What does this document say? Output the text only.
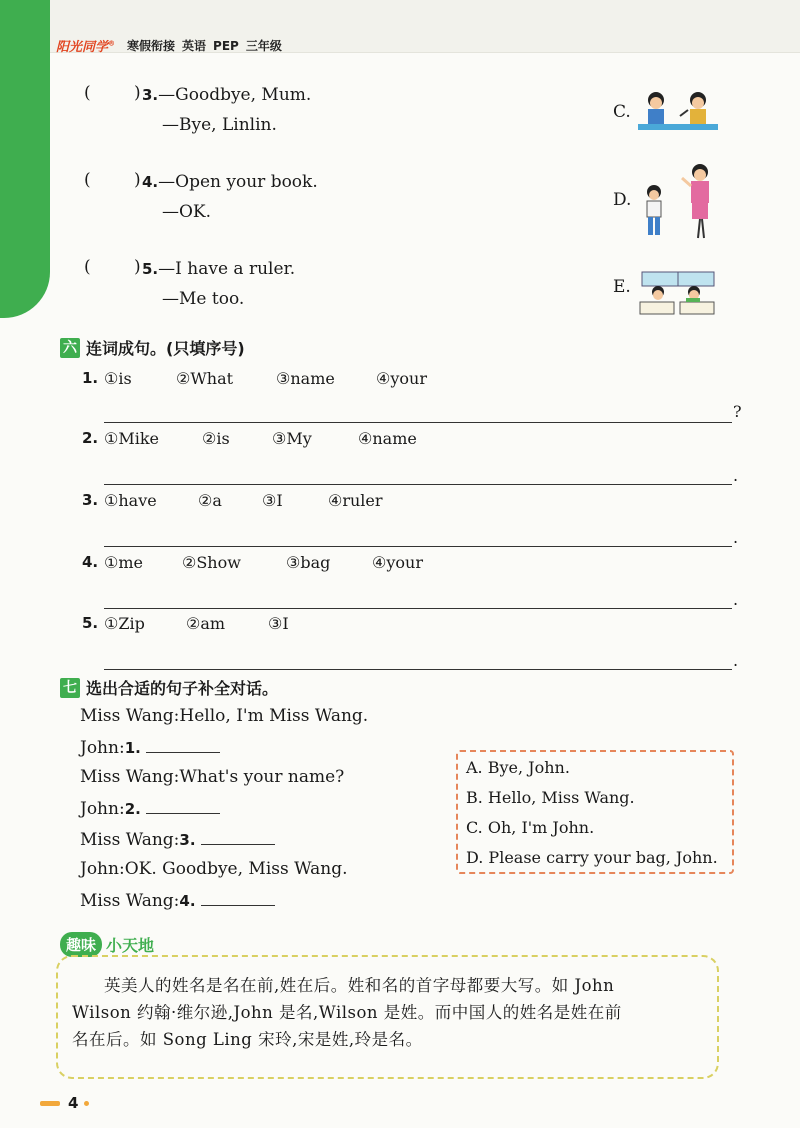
阳光同学® 寒假衔接 英语 PEP 三年级
(	) 3.—Goodbye, Mum.
—Bye, Linlin.
(	) 4.—Open your book.
—OK.
(	) 5.—I have a ruler.
—Me too.
C.
D.
E.
六 连词成句。(只填序号)
1. ①is	②What	③name	④your
?
2. ①Mike	②is	③My	④name
.
3. ①have	②a	③I	④ruler
.
4. ①me ②Show	③bag	④your
.
5. ①Zip	②am	③I
.
七 选出合适的句子补全对话。
Miss Wang:Hello, I'm Miss Wang.
John:1.
Miss Wang:What's your name?
John:2.
Miss Wang:3.
John:OK. Goodbye, Miss Wang.
Miss Wang:4.
A. Bye, John.
B. Hello, Miss Wang.
C. Oh, I'm John.
D. Please carry your bag, John.
趣味 小天地
英美人的姓名是名在前,姓在后。姓和名的首字母都要大写。如 John
Wilson 约翰·维尔逊,John 是名,Wilson 是姓。而中国人的姓名是姓在前
名在后。如 Song Ling 宋玲,宋是姓,玲是名。
4
